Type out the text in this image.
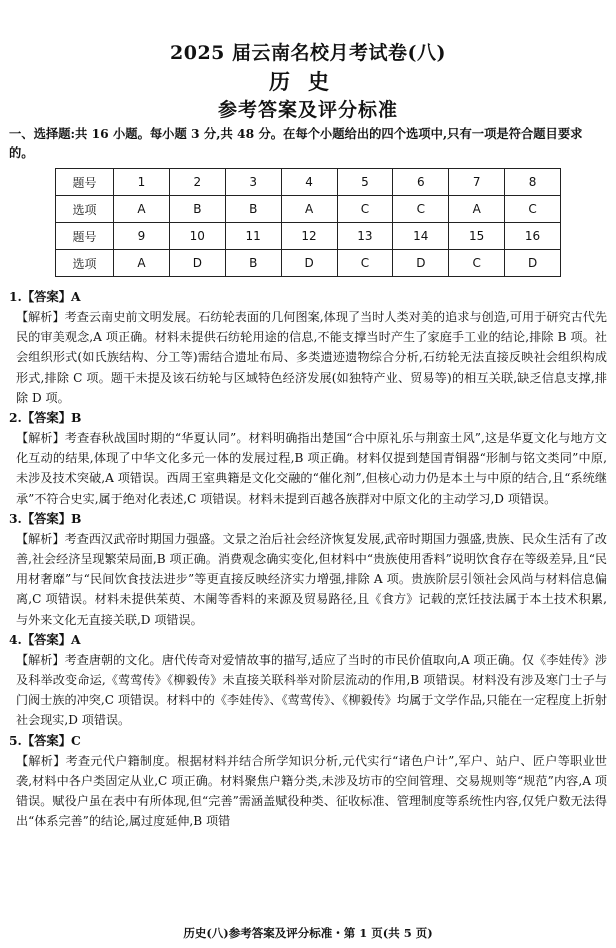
2025 届云南名校月考试卷(八)
历史
参考答案及评分标准
一、选择题:共 16 小题。每小题 3 分,共 48 分。在每个小题给出的四个选项中,只有一项是符合题目要求的。
题号	1	2	3	4	5	6	7	8
选项	A	B	B	A	C	C	A	C
题号	9	10	11	12	13	14	15	16
选项	A	D	B	D	C	D	C	D
1.【答案】A
【解析】考查云南史前文明发展。石纺轮表面的几何图案,体现了当时人类对美的追求与创造,可用于研究古代先民的审美观念,A 项正确。材料未提供石纺轮用途的信息,不能支撑当时产生了家庭手工业的结论,排除 B 项。社会组织形式(如氏族结构、分工等)需结合遗址布局、多类遗迹遗物综合分析,石纺轮无法直接反映社会组织构成形式,排除 C 项。题干未提及该石纺轮与区域特色经济发展(如独特产业、贸易等)的相互关联,缺乏信息支撑,排除 D 项。
2.【答案】B
【解析】考查春秋战国时期的“华夏认同”。材料明确指出楚国“合中原礼乐与荆蛮土风”,这是华夏文化与地方文化互动的结果,体现了中华文化多元一体的发展过程,B 项正确。材料仅提到楚国青铜器“形制与铭文类同”中原,未涉及技术突破,A 项错误。西周王室典籍是文化交融的“催化剂”,但核心动力仍是本土与中原的结合,且“系统继承”不符合史实,属于绝对化表述,C 项错误。材料未提到百越各族群对中原文化的主动学习,D 项错误。
3.【答案】B
【解析】考查西汉武帝时期国力强盛。文景之治后社会经济恢复发展,武帝时期国力强盛,贵族、民众生活有了改善,社会经济呈现繁荣局面,B 项正确。消费观念确实变化,但材料中“贵族使用香料”说明饮食存在等级差异,且“民用材奢靡”与“民间饮食技法进步”等更直接反映经济实力增强,排除 A 项。贵族阶层引领社会风尚与材料信息偏离,C 项错误。材料未提供茱萸、木阑等香料的来源及贸易路径,且《食方》记载的烹饪技法属于本土技术积累,与外来文化无直接关联,D 项错误。
4.【答案】A
【解析】考查唐朝的文化。唐代传奇对爱情故事的描写,适应了当时的市民价值取向,A 项正确。仅《李娃传》涉及科举改变命运,《莺莺传》《柳毅传》未直接关联科举对阶层流动的作用,B 项错误。材料没有涉及寒门士子与门阀士族的冲突,C 项错误。材料中的《李娃传》、《莺莺传》、《柳毅传》均属于文学作品,只能在一定程度上折射社会现实,D 项错误。
5.【答案】C
【解析】考查元代户籍制度。根据材料并结合所学知识分析,元代实行“诸色户计”,军户、站户、匠户等职业世袭,材料中各户类固定从业,C 项正确。材料聚焦户籍分类,未涉及坊市的空间管理、交易规则等“规范”内容,A 项错误。赋役户虽在表中有所体现,但“完善”需涵盖赋役种类、征收标准、管理制度等系统性内容,仅凭户数无法得出“体系完善”的结论,属过度延伸,B 项错
历史(八)参考答案及评分标准・第 1 页(共 5 页)
